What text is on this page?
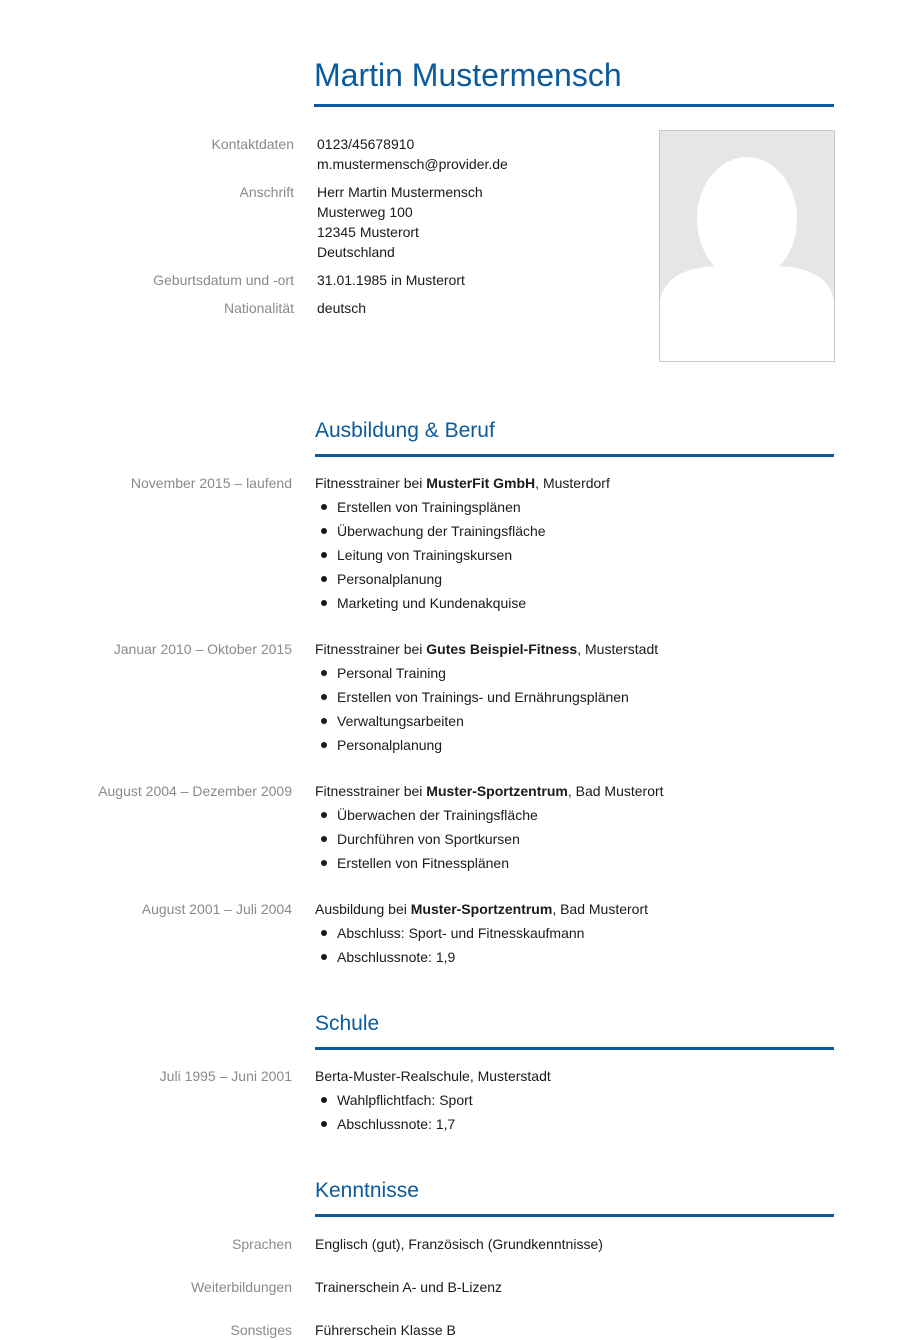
Martin Mustermensch
Kontaktdaten 0123/45678910
m.mustermensch@provider.de
Anschrift Herr Martin Mustermensch
Musterweg 100
12345 Musterort
Deutschland
Geburtsdatum und -ort 31.01.1985 in Musterort
Nationalität deutsch
Ausbildung & Beruf
November 2015 – laufend Fitnesstrainer bei MusterFit GmbH, Musterdorf
Erstellen von Trainingsplänen
Überwachung der Trainingsfläche
Leitung von Trainingskursen
Personalplanung
Marketing und Kundenakquise
Januar 2010 – Oktober 2015 Fitnesstrainer bei Gutes Beispiel-Fitness, Musterstadt
Personal Training
Erstellen von Trainings- und Ernährungsplänen
Verwaltungsarbeiten
Personalplanung
August 2004 – Dezember 2009 Fitnesstrainer bei Muster-Sportzentrum, Bad Musterort
Überwachen der Trainingsfläche
Durchführen von Sportkursen
Erstellen von Fitnessplänen
August 2001 – Juli 2004 Ausbildung bei Muster-Sportzentrum, Bad Musterort
Abschluss: Sport- und Fitnesskaufmann
Abschlussnote: 1,9
Schule
Juli 1995 – Juni 2001 Berta-Muster-Realschule, Musterstadt
Wahlpflichtfach: Sport
Abschlussnote: 1,7
Kenntnisse
Sprachen Englisch (gut), Französisch (Grundkenntnisse)
Weiterbildungen Trainerschein A- und B-Lizenz
Sonstiges Führerschein Klasse B
